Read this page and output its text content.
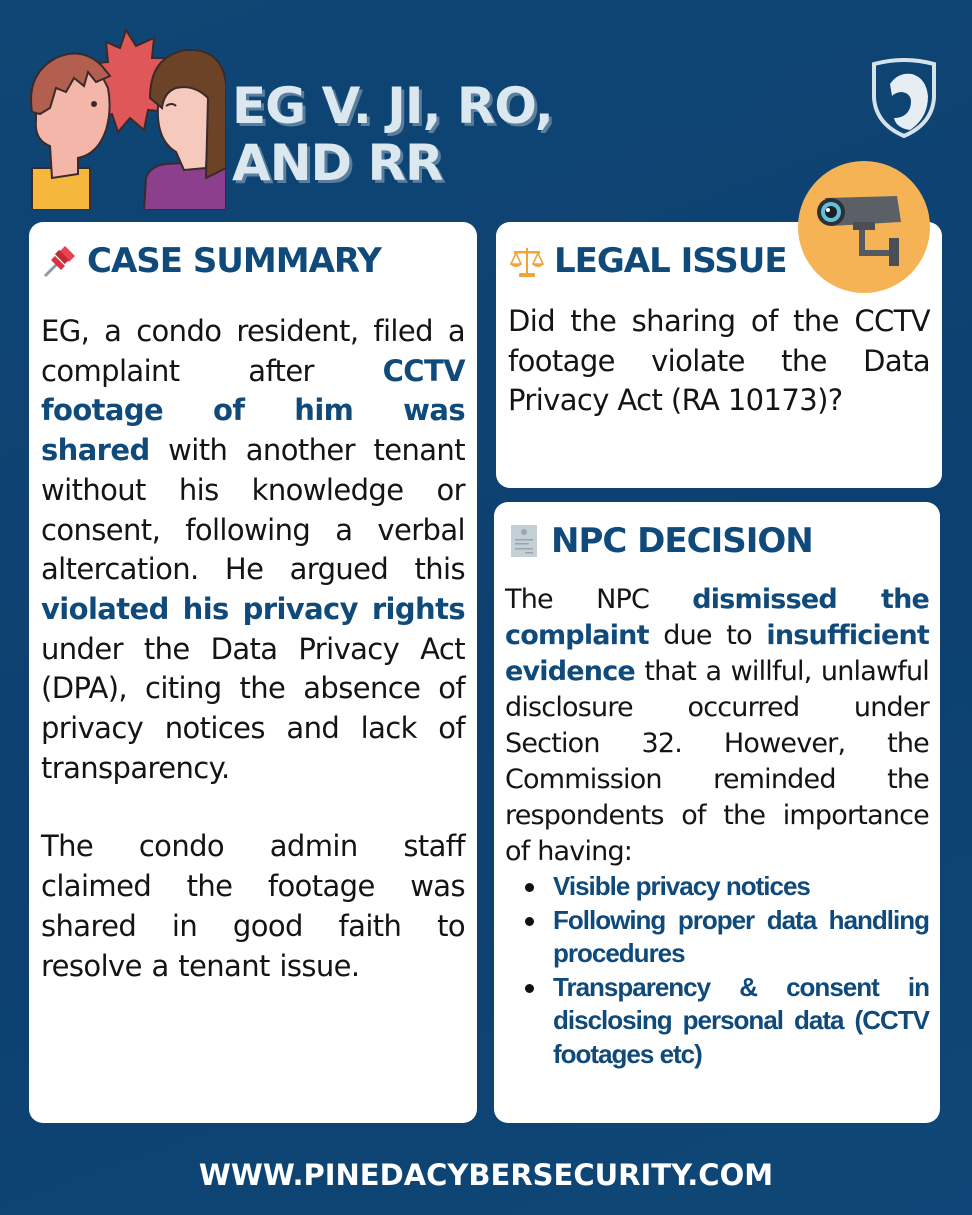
EG V. JI, RO,
AND RR
CASE SUMMARY
EG, a condo resident, filed a complaint after CCTV footage of him was shared with another tenant without his knowledge or consent, following a verbal altercation. He argued this violated his privacy rights under the Data Privacy Act (DPA), citing the absence of privacy notices and lack of transparency.
The condo admin staff claimed the footage was shared in good faith to resolve a tenant issue.
LEGAL ISSUE
Did the sharing of the CCTV footage violate the Data Privacy Act (RA 10173)?
NPC DECISION
The NPC dismissed the complaint due to insufficient evidence that a willful, unlawful disclosure occurred under Section 32. However, the Commission reminded the respondents of the importance of having:
Visible privacy notices
Following proper data handling procedures
Transparency & consent in disclosing personal data (CCTV footages etc)
WWW.PINEDACYBERSECURITY.COM
